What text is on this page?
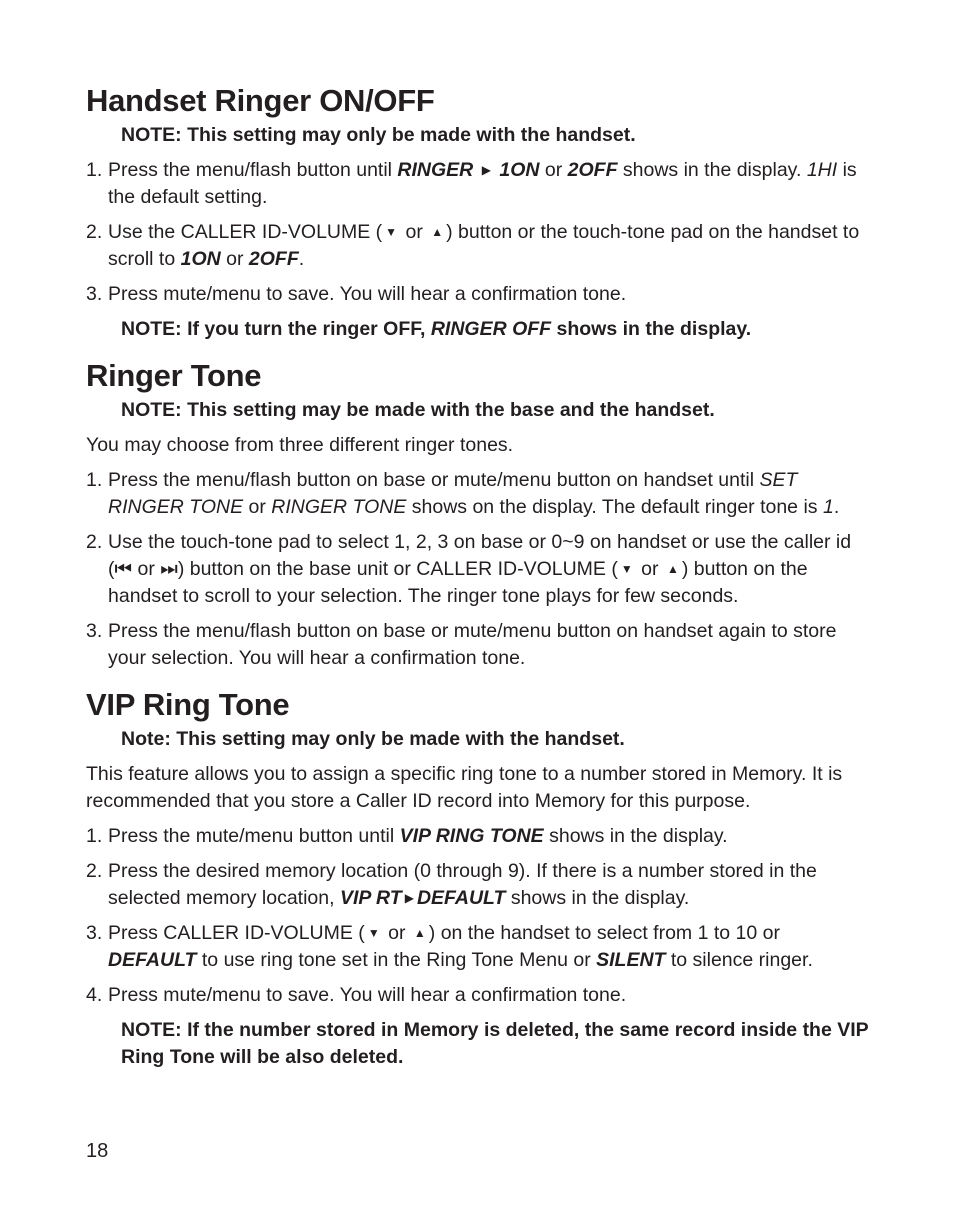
Handset Ringer ON/OFF
NOTE: This setting may only be made with the handset.
1. Press the menu/flash button until RINGER ▶ 1ON or 2OFF shows in the display. 1HI is the default setting.
2. Use the CALLER ID-VOLUME ( ▼ or ▲ ) button or the touch-tone pad on the handset to scroll to 1ON or 2OFF.
3. Press mute/menu to save. You will hear a confirmation tone.
NOTE: If you turn the ringer OFF, RINGER OFF shows in the display.
Ringer Tone
NOTE: This setting may be made with the base and the handset.

You may choose from three different ringer tones.

1. Press the menu/flash button on base or mute/menu button on handset until SET RINGER TONE or RINGER TONE shows on the display. The default ringer tone is 1.
2. Use the touch-tone pad to select 1, 2, 3 on base or 0~9 on handset or use the caller id (⏮ or ⏭) button on the base unit or CALLER ID-VOLUME ( ▼ or ▲ ) button on the handset to scroll to your selection. The ringer tone plays for few seconds.
3. Press the menu/flash button on base or mute/menu button on handset again to store your selection. You will hear a confirmation tone.
VIP Ring Tone
Note: This setting may only be made with the handset.

This feature allows you to assign a specific ring tone to a number stored in Memory. It is recommended that you store a Caller ID record into Memory for this purpose.

1. Press the mute/menu button until VIP RING TONE shows in the display.
2. Press the desired memory location (0 through 9). If there is a number stored in the selected memory location, VIP RT ▶ DEFAULT shows in the display.
3. Press CALLER ID-VOLUME ( ▼ or ▲ ) on the handset to select from 1 to 10 or DEFAULT to use ring tone set in the Ring Tone Menu or SILENT to silence ringer.
4. Press mute/menu to save. You will hear a confirmation tone.
NOTE: If the number stored in Memory is deleted, the same record inside the VIP Ring Tone will be also deleted.
18
